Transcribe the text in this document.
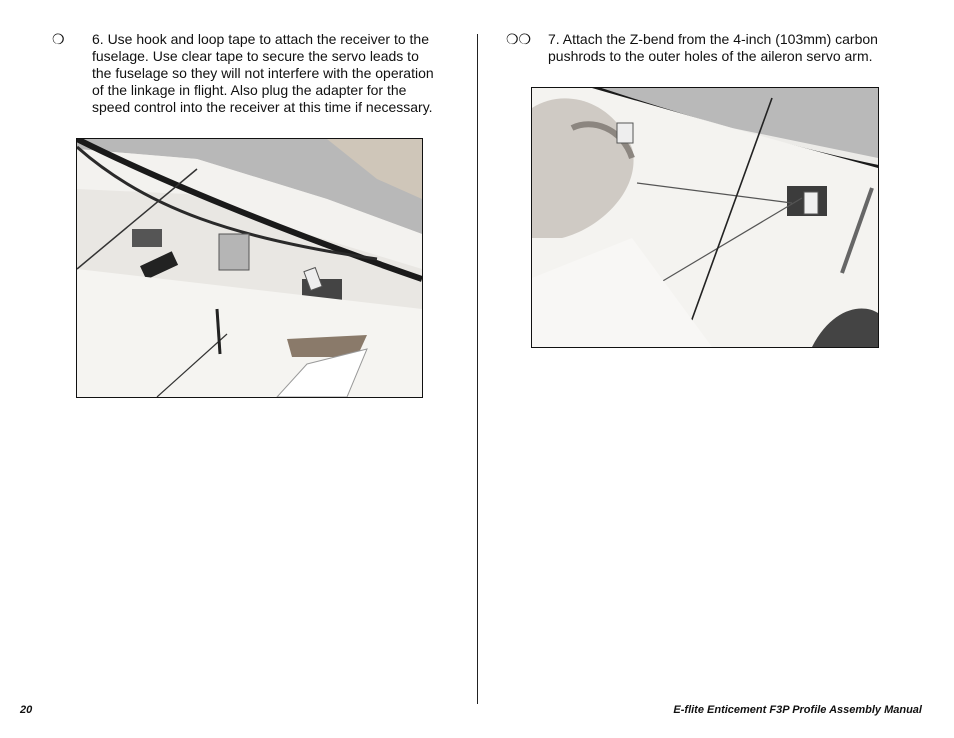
❍ 6. Use hook and loop tape to attach the receiver to the fuselage. Use clear tape to secure the servo leads to the fuselage so they will not interfere with the operation of the linkage in flight. Also plug the adapter for the speed control into the receiver at this time if necessary.
❍❍ 7. Attach the Z-bend from the 4-inch (103mm) carbon pushrods to the outer holes of the aileron servo arm.
20	E-flite Enticement F3P Profile Assembly Manual
